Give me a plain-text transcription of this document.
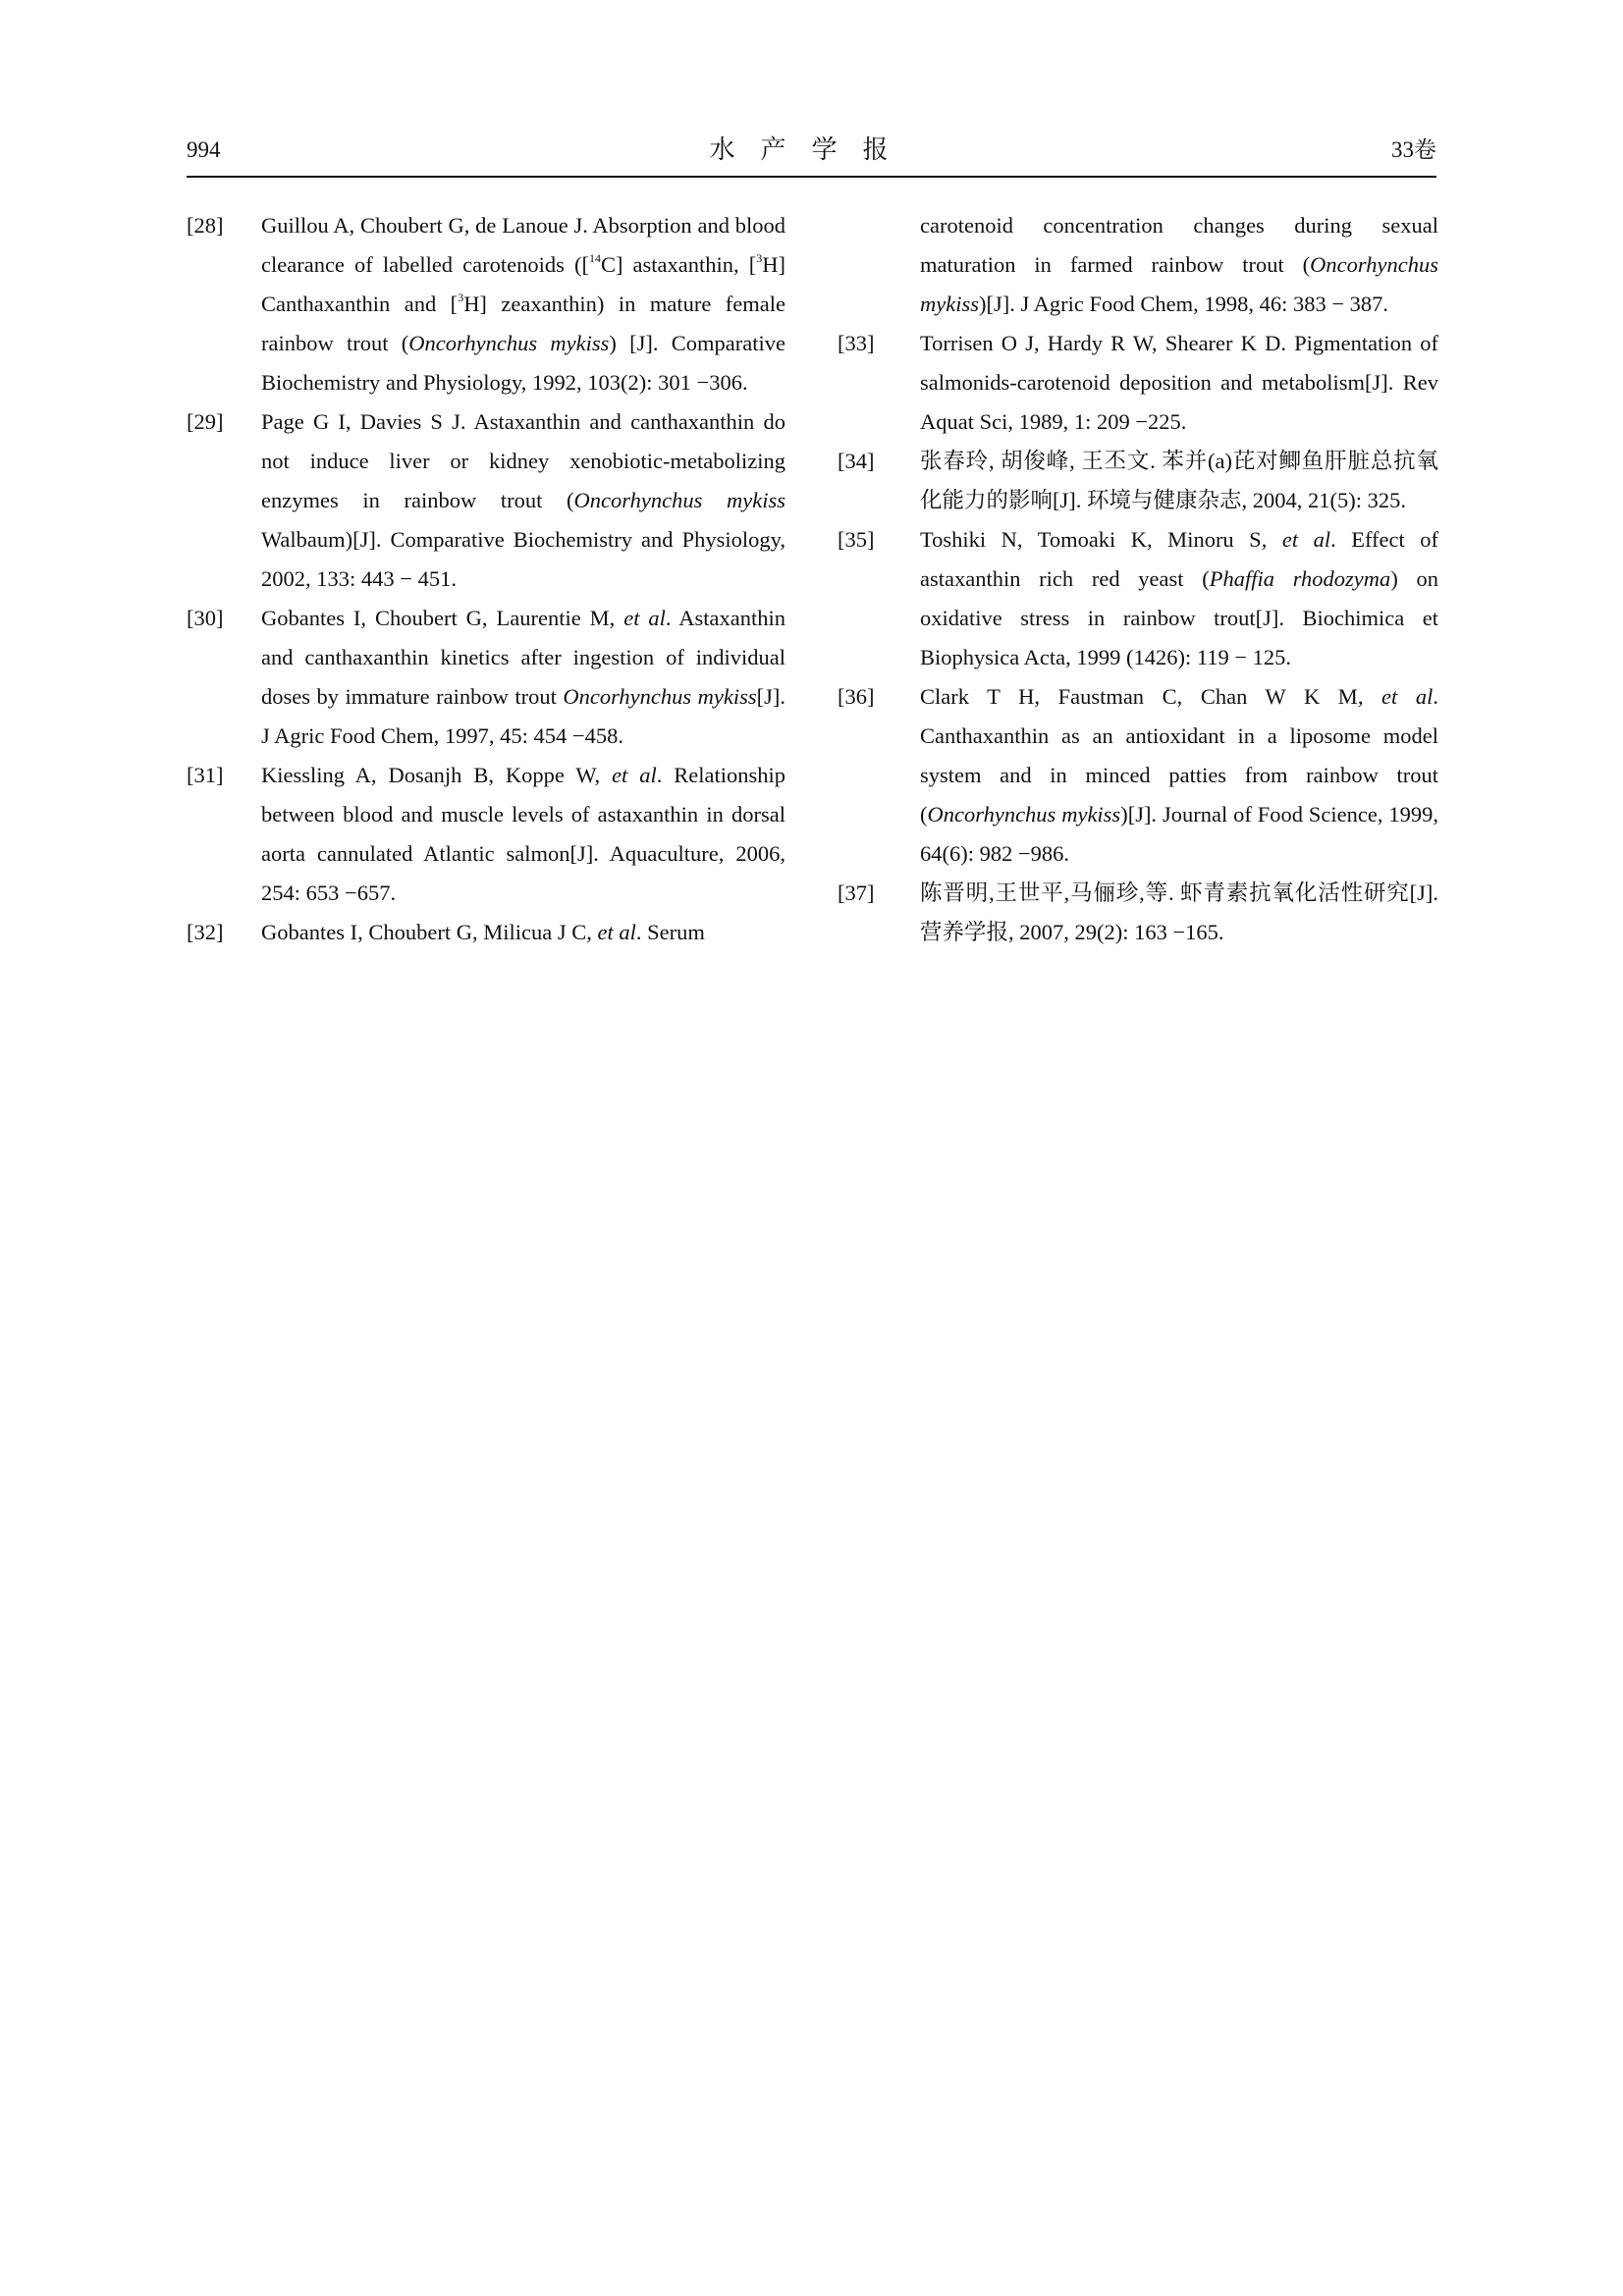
994	水产学报	33卷
[28] Guillou A, Choubert G, de Lanoue J. Absorption and blood clearance of labelled carotenoids ([$^{14}$C] astaxanthin, [$^3$H] Canthaxanthin and [$^3$H] zeaxanthin) in mature female rainbow trout (Oncorhynchus mykiss) [J]. Comparative Biochemistry and Physiology, 1992, 103(2): 301 −306.
[29] Page G I, Davies S J. Astaxanthin and canthaxanthin do not induce liver or kidney xenobiotic-metabolizing enzymes in rainbow trout (Oncorhynchus mykiss Walbaum)[J]. Comparative Biochemistry and Physiology, 2002, 133: 443 − 451.
[30] Gobantes I, Choubert G, Laurentie M, et al. Astaxanthin and canthaxanthin kinetics after ingestion of individual doses by immature rainbow trout Oncorhynchus mykiss[J]. J Agric Food Chem, 1997, 45: 454 −458.
[31] Kiessling A, Dosanjh B, Koppe W, et al. Relationship between blood and muscle levels of astaxanthin in dorsal aorta cannulated Atlantic salmon[J]. Aquaculture, 2006, 254: 653 −657.
[32] Gobantes I, Choubert G, Milicua J C, et al. Serum
carotenoid concentration changes during sexual maturation in farmed rainbow trout (Oncorhynchus mykiss)[J]. J Agric Food Chem, 1998, 46: 383 − 387.
[33] Torrisen O J, Hardy R W, Shearer K D. Pigmentation of salmonids-carotenoid deposition and metabolism[J]. Rev Aquat Sci, 1989, 1: 209 −225.
[34] 张春玲, 胡俊峰, 王丕文. 苯并(a)芘对鲫鱼肝脏总抗氧化能力的影响[J]. 环境与健康杂志, 2004, 21(5): 325.
[35] Toshiki N, Tomoaki K, Minoru S, et al. Effect of astaxanthin rich red yeast (Phaffia rhodozyma) on oxidative stress in rainbow trout[J]. Biochimica et Biophysica Acta, 1999 (1426): 119 − 125.
[36] Clark T H, Faustman C, Chan W K M, et al. Canthaxanthin as an antioxidant in a liposome model system and in minced patties from rainbow trout (Oncorhynchus mykiss)[J]. Journal of Food Science, 1999, 64(6): 982 −986.
[37] 陈晋明,王世平,马俪珍,等. 虾青素抗氧化活性研究[J]. 营养学报, 2007, 29(2): 163 −165.
